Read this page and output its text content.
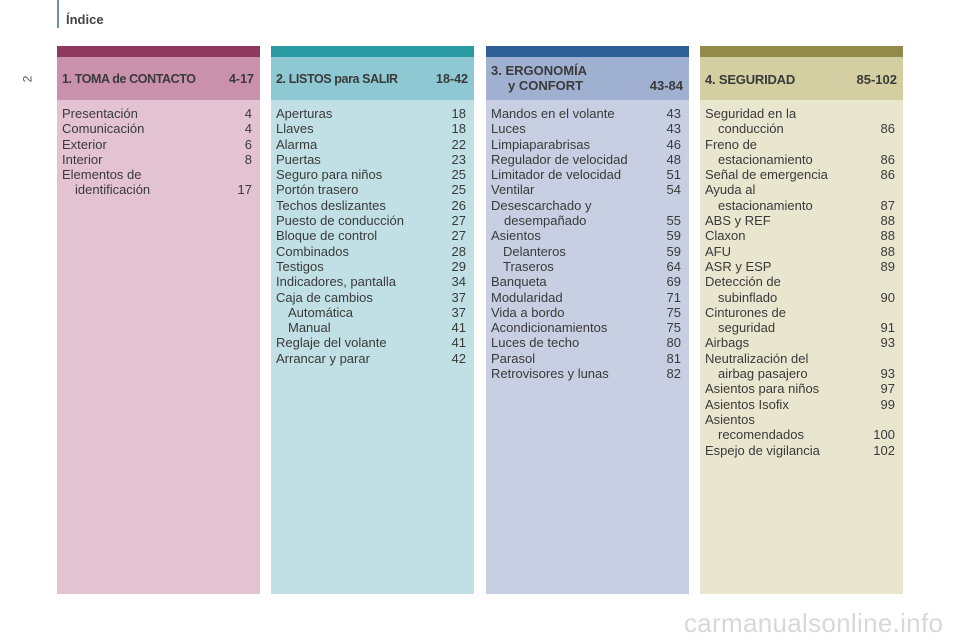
Índice
2 1. TOMA de CONTACTO	4-17
Presentación	4
Comunicación	4
Exterior	6
Interior	8
Elementos de
identificación	17
2. LISTOS para SALIR	18-42
Aperturas	18
Llaves	18
Alarma	22
Puertas	23
Seguro para niños	25
Portón trasero	25
Techos deslizantes	26
Puesto de conducción	27
Bloque de control	27
Combinados	28
Testigos	29
Indicadores, pantalla	34
Caja de cambios	37
Automática	37
Manual	41
Reglaje del volante	41
Arrancar y parar	42
3. ERGONOMÍA
y CONFORT	43-84
Mandos en el volante	43
Luces	43
Limpiaparabrisas	46
Regulador de velocidad	48
Limitador de velocidad	51
Ventilar	54
Desescarchado y
desempañado	55
Asientos	59
Delanteros	59
Traseros	64
Banqueta	69
Modularidad	71
Vida a bordo	75
Acondicionamientos	75
Luces de techo	80
Parasol	81
Retrovisores y lunas	82
4. SEGURIDAD	85-102
Seguridad en la
conducción	86
Freno de
estacionamiento	86
Señal de emergencia	86
Ayuda al
estacionamiento	87
ABS y REF	88
Claxon	88
AFU	88
ASR y ESP	89
Detección de
subinflado	90
Cinturones de
seguridad	91
Airbags	93
Neutralización del
airbag pasajero	93
Asientos para niños	97
Asientos Isofix	99
Asientos
recomendados	100
Espejo de vigilancia	102
carmanualsonline.info
